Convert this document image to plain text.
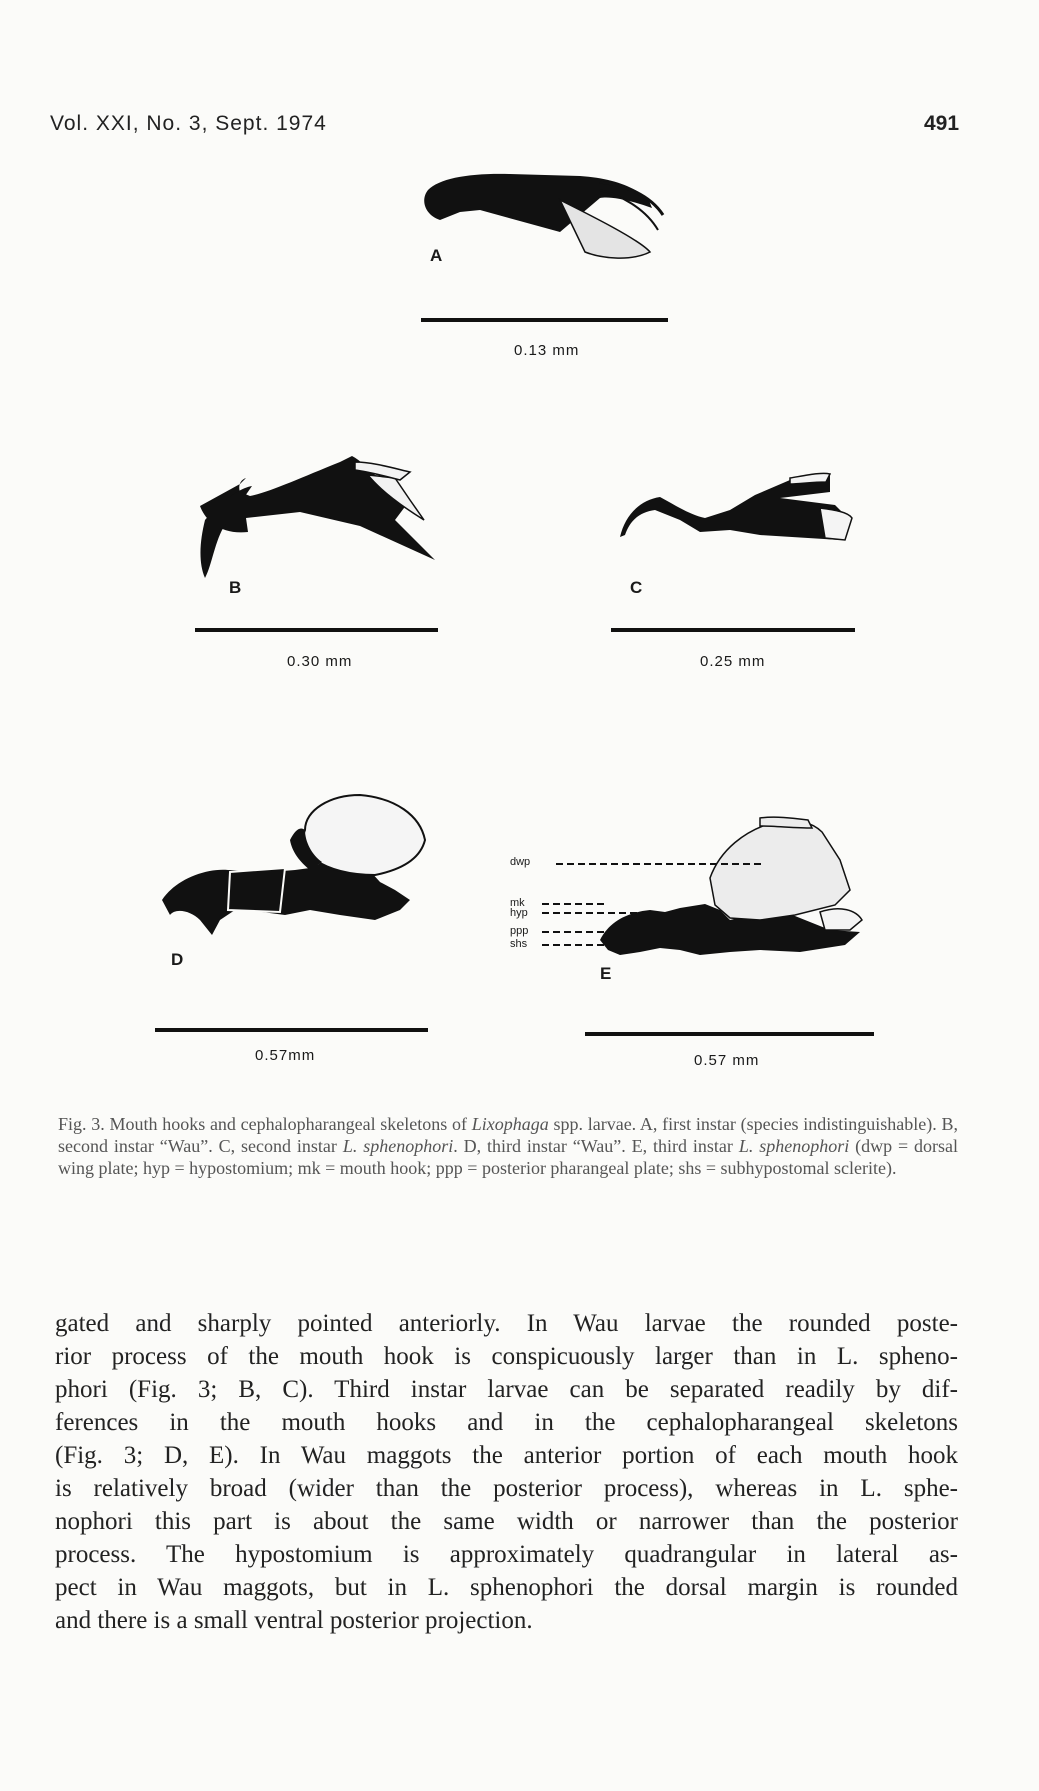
Vol. XXI, No. 3, Sept. 1974	491
A
0.13 mm
B
0.30 mm
C
0.25 mm
D
0.57mm
E
0.57 mm
dwp
mk
hyp
ppp
shs
Fig. 3. Mouth hooks and cephalopharangeal skeletons of Lixophaga spp. larvae. A, first instar (species indistinguishable). B, second instar “Wau”. C, second instar L. sphenophori. D, third instar “Wau”. E, third instar L. sphenophori (dwp = dorsal wing plate; hyp = hypostomium; mk = mouth hook; ppp = posterior pharangeal plate; shs = subhypostomal sclerite).
gated and sharply pointed anteriorly. In Wau larvae the rounded poste-
rior process of the mouth hook is conspicuously larger than in L. spheno-
phori (Fig. 3; B, C). Third instar larvae can be separated readily by dif-
ferences in the mouth hooks and in the cephalopharangeal skeletons
(Fig. 3; D, E). In Wau maggots the anterior portion of each mouth hook
is relatively broad (wider than the posterior process), whereas in L. sphe-
nophori this part is about the same width or narrower than the posterior
process. The hypostomium is approximately quadrangular in lateral as-
pect in Wau maggots, but in L. sphenophori the dorsal margin is rounded
and there is a small ventral posterior projection.
